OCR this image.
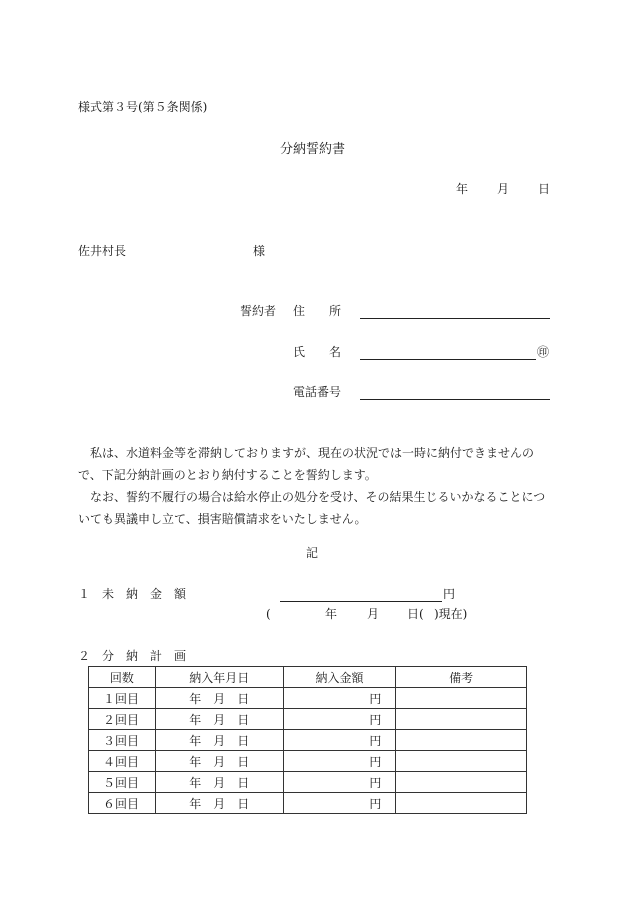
様式第３号(第５条関係)
分納誓約書
年 月 日
佐井村長	様
誓約者 住　　所
氏　　名	㊞
電話番号

私は、水道料金等を滞納しておりますが、現在の状況では一時に納付できませんので、下記分納計画のとおり納付することを誓約します。

なお、誓約不履行の場合は給水停止の処分を受け、その結果生じるいかなることについても異議申し立て、損害賠償請求をいたしません。

記
１　未　納　金　額	円
(	年 月 日( )現在)
２　分　納　計　画
回数	納入年月日	納入金額	備考
１回目	年 月 日	円	
２回目	年 月 日	円	
３回目	年 月 日	円	
４回目	年 月 日	円	
５回目	年 月 日	円	
６回目	年 月 日	円	
